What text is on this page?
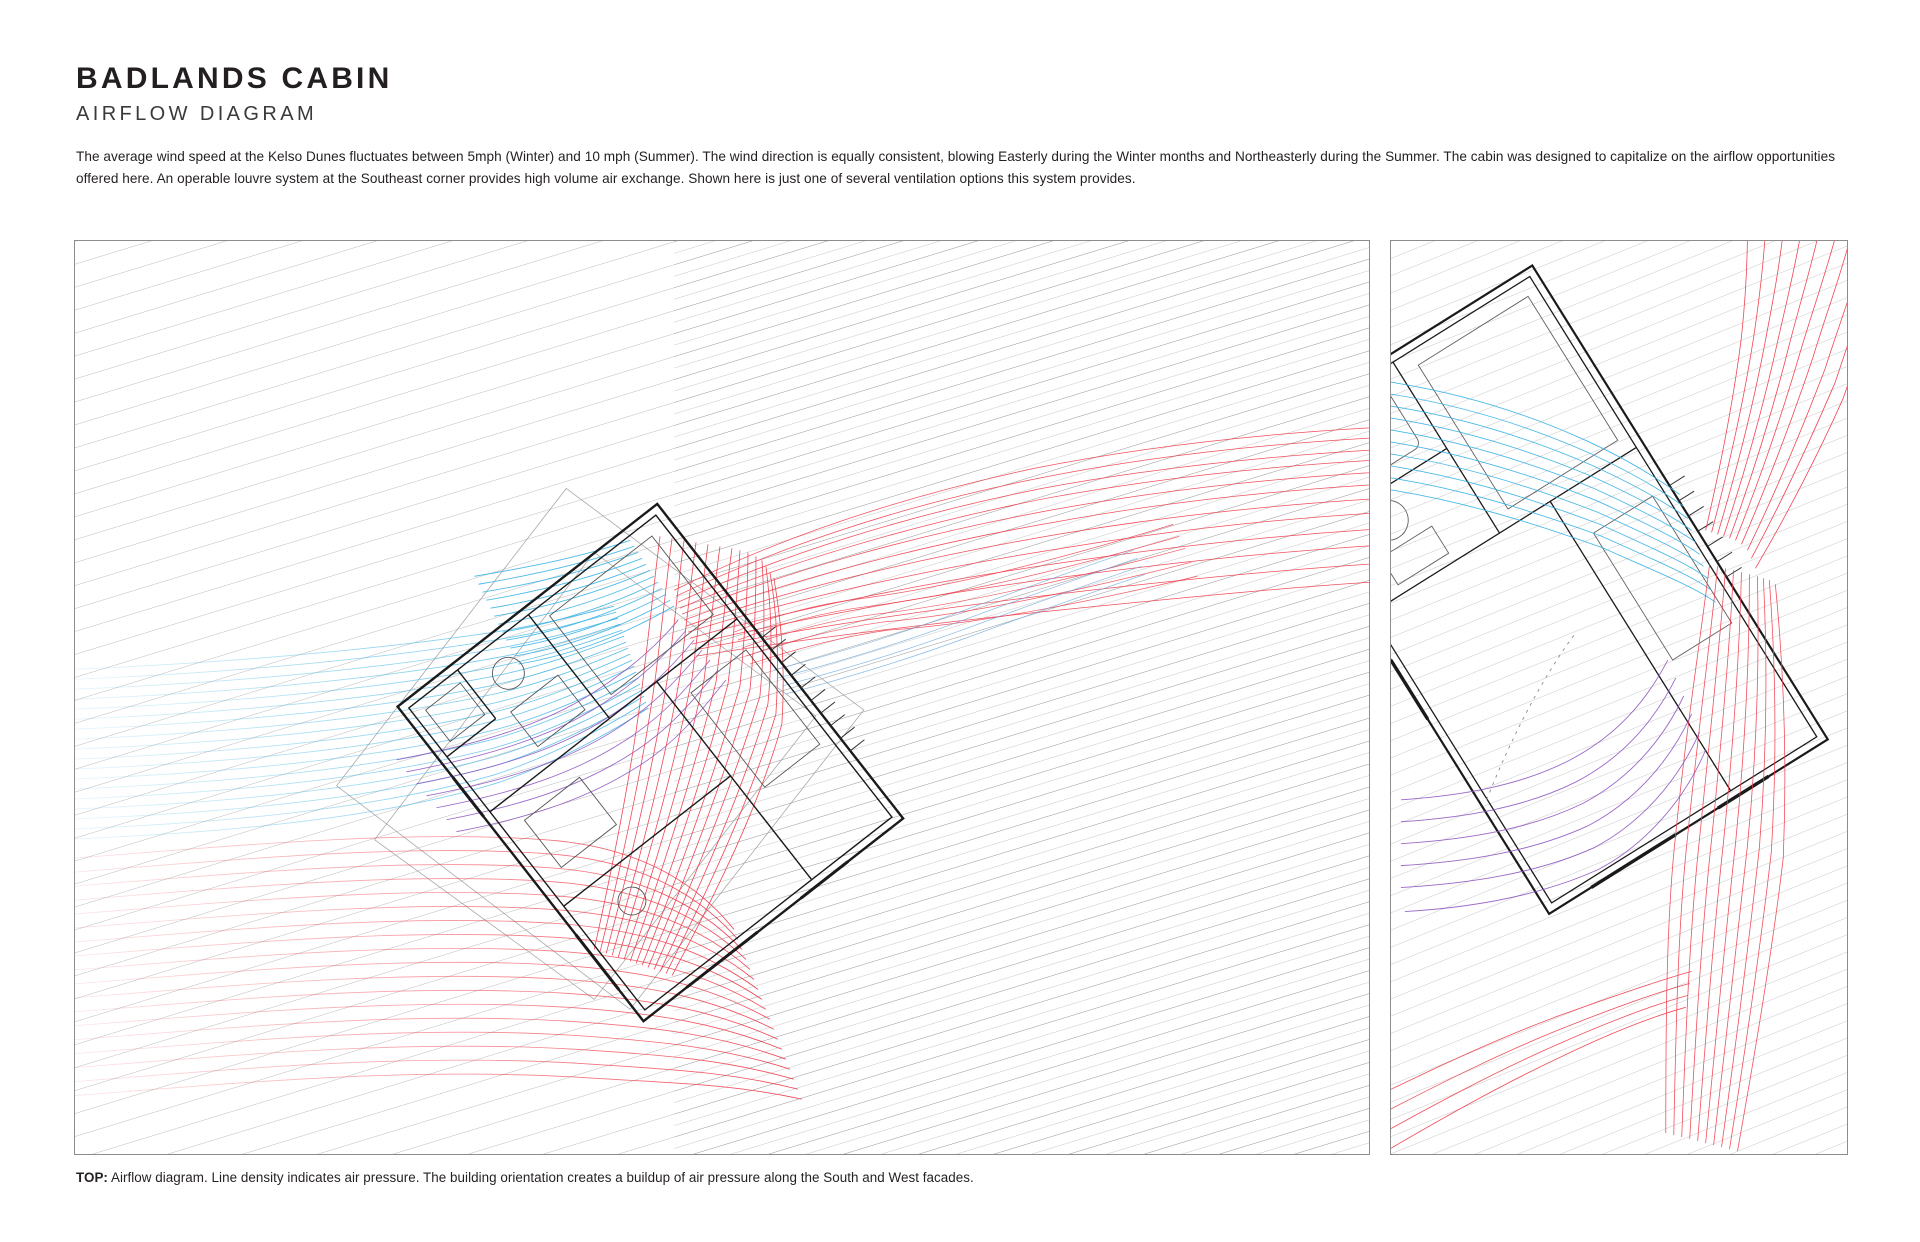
BADLANDS CABIN
AIRFLOW DIAGRAM
The average wind speed at the Kelso Dunes fluctuates between 5mph (Winter) and 10 mph (Summer). The wind direction is equally consistent, blowing Easterly during the Winter months and Northeasterly during the Summer. The cabin was designed to capitalize on the airflow opportunities offered here. An operable louvre system at the Southeast corner provides high volume air exchange. Shown here is just one of several ventilation options this system provides.
TOP: Airflow diagram. Line density indicates air pressure. The building orientation creates a buildup of air pressure along the South and West facades.
